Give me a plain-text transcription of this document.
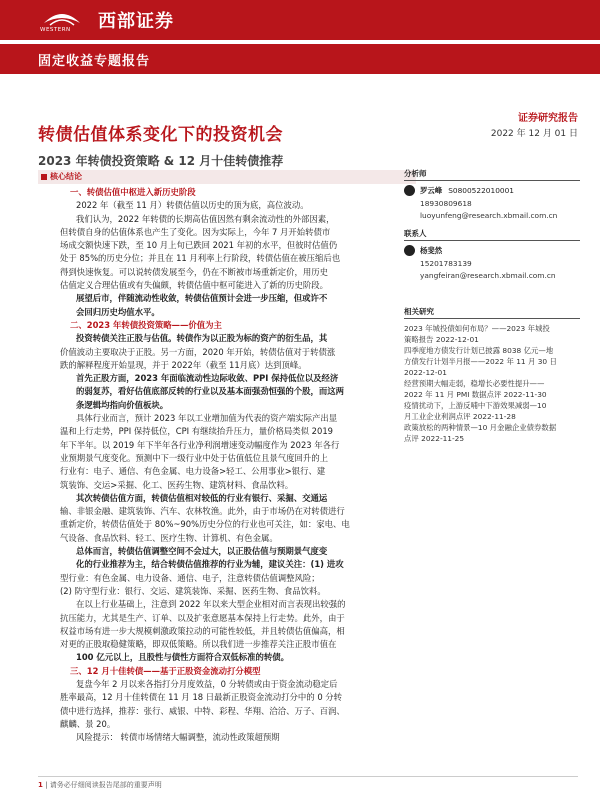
WESTERN 西部证券
固定收益专题报告
转债估值体系变化下的投资机会
2023 年转债投资策略 & 12 月十佳转债推荐
证券研究报告
2022 年 12 月 01 日
核心结论
一、转债估值中枢进入新历史阶段
2022 年（截至 11 月）转债估值以历史的顶为底，高位波动。
我们认为，2022 年转债的长期高估值因然有剩余流动性的外部因素，
但转债自身的估值体系也产生了变化。因为实际上，今年 7 月开始转债市
场成交额快速下跌，至 10 月上旬已跌回 2021 年初的水平，但彼时估值仍
处于 85%的历史分位；并且在 11 月利率上行阶段，转债估值在被压缩后也
得到快速恢复。可以说转债发展至今，仍在不断被市场重新定价，用历史
估值定义合理估值或有失偏颇，转债估值中枢可能进入了新的历史阶段。
展望后市，伴随流动性收敛，转债估值预计会进一步压缩，但或许不
会回归历史均值水平。
二、2023 年转债投资策略——价值为主
投资转债关注正股与估值。转债作为以正股为标的资产的衍生品，其
价值波动主要取决于正股。另一方面，2020 年开始，转债估值对于转债涨
跌的解释程度开始显现，并于 2022年（截至 11月底）达到顶峰。
首先正股方面，2023 年面临流动性边际收敛、PPI 保持低位以及经济
的弱复苏，看好估值底部反转的行业以及基本面强劲恒强的个股，而这两
条逻辑均指向价值板块。
具体行业而言，预计 2023 年以工业增加值为代表的资产端实际产出显
温和上行走势，PPI 保持低位，CPI 有继续抬升压力，量价格局类似 2019
年下半年。以 2019 年下半年各行业净利润增速变动幅度作为 2023 年各行
业预期景气度变化。预测中下一级行业中处于估值低位且景气度回升的上
行业有：电子、通信、有色金属、电力设备>轻工、公用事业>银行、建
筑装饰、交运>采掘、化工、医药生物、建筑材料、食品饮料。
其次转债估值方面，转债估值相对较低的行业有银行、采掘、交通运
输、非银金融、建筑装饰、汽车、农林牧渔。此外，由于市场仍在对转债进行
重新定价，转债估值处于 80%~90%历史分位的行业也可关注，如：家电、电
气设备、食品饮料、轻工、医疗生物、计算机、有色金属。
总体而言，转债估值调整空间不会过大，以正股估值与预期景气度变
化的行业推荐为主，结合转债估值推荐的行业为辅，建议关注：(1) 进攻
型行业：有色金属、电力设备、通信、电子，注意转债估值调整风险；
(2) 防守型行业：银行、交运、建筑装饰、采掘、医药生物、食品饮料。
在以上行业基础上，注意到 2022 年以来大型企业相对而言表现出较强的
抗压能力，尤其是生产、订单、以及扩张意愿基本保持上行走势。此外，由于
权益市场有进一步大规模刺激政策拉动的可能性较低，并且转债估值偏高，相
对更的正股取稳健策略，即双低策略。所以我们进一步推荐关注正股市值在
100 亿元以上，且股性与债性方面符合双低标准的转债。
三、12 月十佳转债——基于正股资金流动打分模型
复盘今年 2 月以来各指打分月度效益，0 分转债或由于资金流动稳定后
胜率最高，12 月十佳转债在 11 月 18 日最新正股资金流动打分中的 0 分转
债中进行选择，推荐：张行、威银、中特、彩程、华翔、洽洽、万子、百润、
麒麟、景 20。
风险提示： 转债市场情绪大幅调整，流动性政策超预期
分析师
罗云峰 S0800522010001
18930809618
luoyunfeng@research.xbmail.com.cn
联系人
杨斐然
15201783139
yangfeiran@research.xbmail.com.cn
相关研究
2023 年城投债如何布局？——2023 年城投
策略报告 2022-12-01
四季度地方债发行计划已披露 8038 亿元—地
方债发行计划半月报——2022 年 11 月 30 日
2022-12-01
经营预期大幅走弱，稳增长必要性提升——
2022 年 11 月 PMI 数据点评 2022-11-30
疫情扰动下，上游反哺中下游效果减弱—10
月工业企业利润点评 2022-11-28
政策放松的两种情景—10 月金融企业债券数据
点评 2022-11-25
1 | 请务必仔细阅读报告尾部的重要声明
